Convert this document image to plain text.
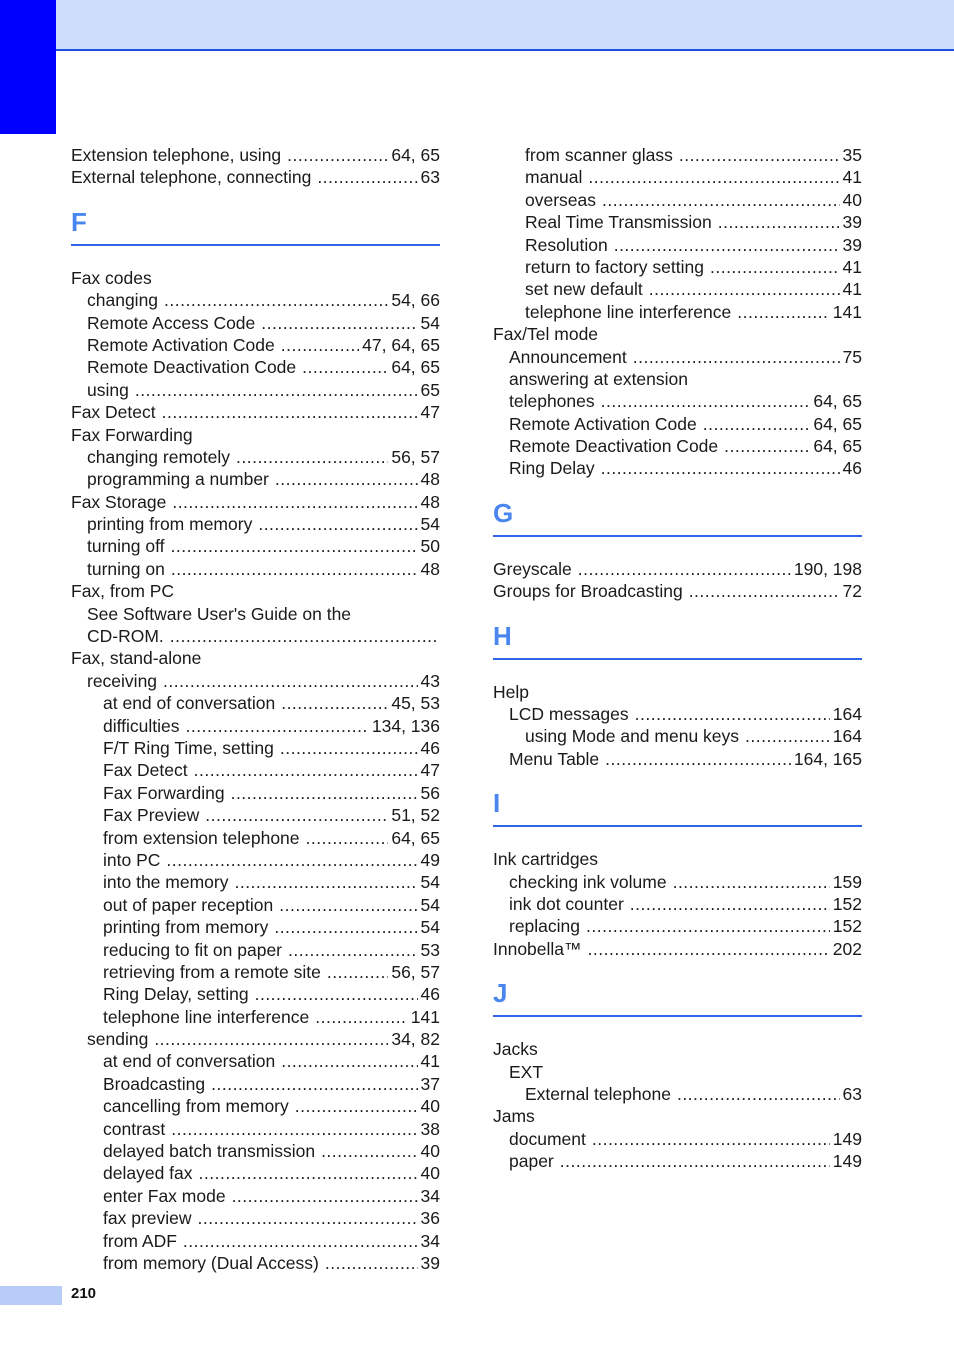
Extension telephone, using .....	64, 65
External telephone, connecting .....	63
F
Fax codes
changing .....	54, 66
Remote Access Code .....	54
Remote Activation Code .....	47, 64, 65
Remote Deactivation Code .....	64, 65
using .....	65
Fax Detect .....	47
Fax Forwarding
changing remotely .....	56, 57
programming a number .....	48
Fax Storage .....	48
printing from memory .....	54
turning off .....	50
turning on .....	48
Fax, from PC
See Software User's Guide on the
CD-ROM.
.....
Fax, stand-alone
receiving .....	43
at end of conversation .....	45, 53
difficulties .....	134, 136
F/T Ring Time, setting .....	46
Fax Detect .....	47
Fax Forwarding .....	56
Fax Preview .....	51, 52
from extension telephone .....	64, 65
into PC .....	49
into the memory .....	54
out of paper reception .....	54
printing from memory .....	54
reducing to fit on paper .....	53
retrieving from a remote site .....	56, 57
Ring Delay, setting .....	46
telephone line interference .....	141
sending .....	34, 82
at end of conversation .....	41
Broadcasting .....	37
cancelling from memory .....	40
contrast .....	38
delayed batch transmission .....	40
delayed fax .....	40
enter Fax mode .....	34
fax preview .....	36
from ADF .....	34
from memory (Dual Access) .....	39
from scanner glass .....	35
manual .....	41
overseas .....	40
Real Time Transmission .....	39
Resolution .....	39
return to factory setting .....	41
set new default .....	41
telephone line interference .....	141
Fax/Tel mode
Announcement .....	75
answering at extension
telephones .....	64, 65
Remote Activation Code .....	64, 65
Remote Deactivation Code .....	64, 65
Ring Delay .....	46
G
Greyscale .....	190, 198
Groups for Broadcasting .....	72
H
Help
LCD messages .....	164
using Mode and menu keys .....	164
Menu Table .....	164, 165
I
Ink cartridges
checking ink volume .....	159
ink dot counter .....	152
replacing .....	152
Innobella™ .....	202
J
Jacks
EXT
External telephone .....	63
Jams
document .....	149
paper .....	149
210
